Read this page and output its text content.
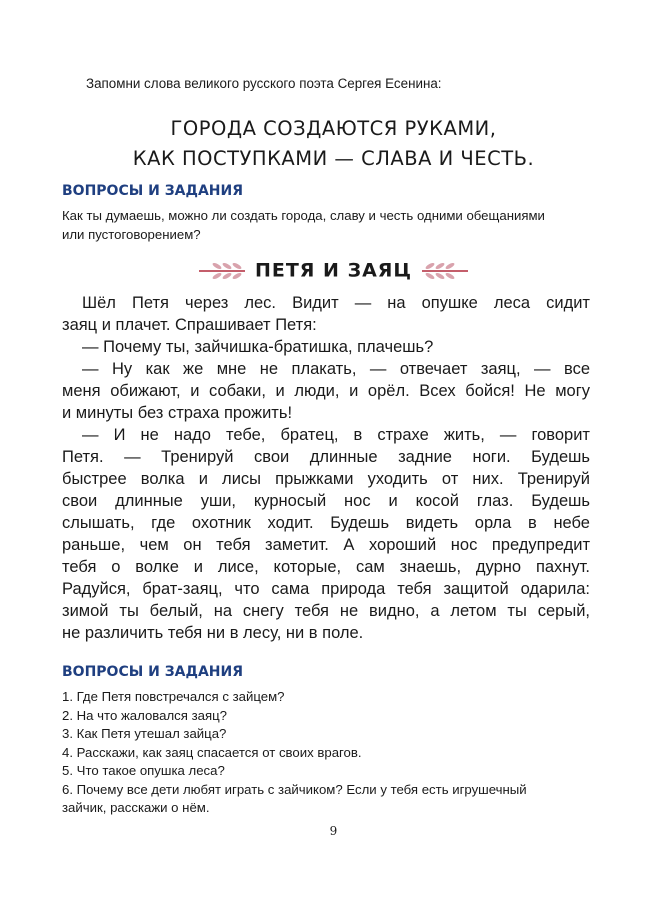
Запомни слова великого русского поэта Сергея Есенина:
ГОРОДА СОЗДАЮТСЯ РУКАМИ,
КАК ПОСТУПКАМИ — СЛАВА И ЧЕСТЬ.
ВОПРОСЫ И ЗАДАНИЯ
Как ты думаешь, можно ли создать города, славу и честь одними обещаниями
или пустоговорением?
ПЕТЯ И ЗАЯЦ
Шёл Петя через лес. Видит — на опушке леса сидит
заяц и плачет. Спрашивает Петя:
— Почему ты, зайчишка-братишка, плачешь?
— Ну как же мне не плакать, — отвечает заяц, — все
меня обижают, и собаки, и люди, и орёл. Всех бойся! Не могу
и минуты без страха прожить!
— И не надо тебе, братец, в страхе жить, — говорит
Петя. — Тренируй свои длинные задние ноги. Будешь
быстрее волка и лисы прыжками уходить от них. Тренируй
свои длинные уши, курносый нос и косой глаз. Будешь
слышать, где охотник ходит. Будешь видеть орла в небе
раньше, чем он тебя заметит. А хороший нос предупредит
тебя о волке и лисе, которые, сам знаешь, дурно пахнут.
Радуйся, брат-заяц, что сама природа тебя защитой одарила:
зимой ты белый, на снегу тебя не видно, а летом ты серый,
не различить тебя ни в лесу, ни в поле.
ВОПРОСЫ И ЗАДАНИЯ
1. Где Петя повстречался с зайцем?
2. На что жаловался заяц?
3. Как Петя утешал зайца?
4. Расскажи, как заяц спасается от своих врагов.
5. Что такое опушка леса?
6. Почему все дети любят играть с зайчиком? Если у тебя есть игрушечный
зайчик, расскажи о нём.
9
